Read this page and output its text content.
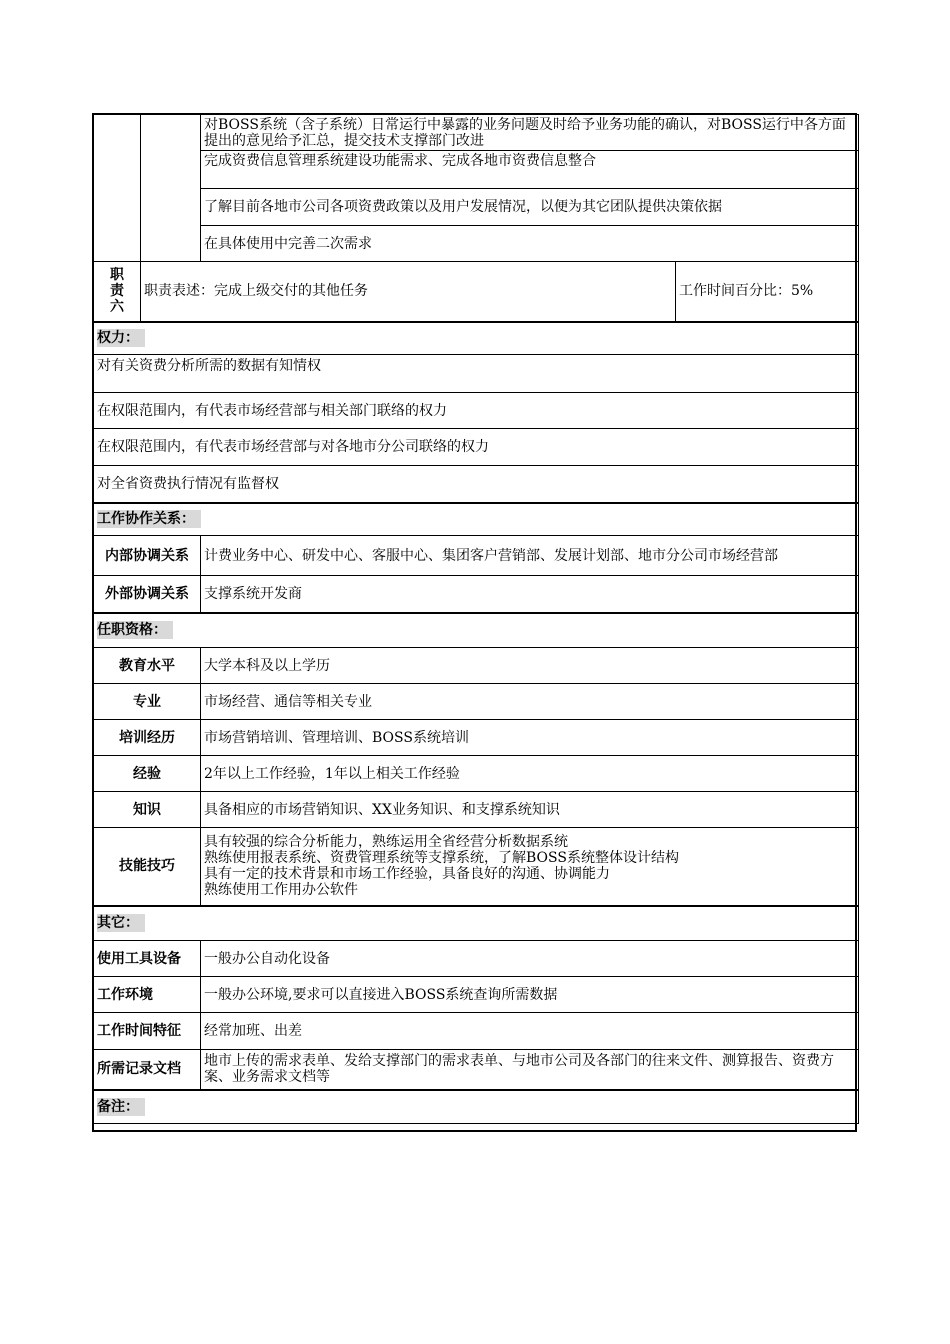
		对BOSS系统（含子系统）日常运行中暴露的业务问题及时给予业务功能的确认，对BOSS运行中各方面提出的意见给予汇总，提交技术支撑部门改进	
		完成资费信息管理系统建设功能需求、完成各地市资费信息整合	
		了解目前各地市公司各项资费政策以及用户发展情况，以便为其它团队提供决策依据	
		在具体使用中完善二次需求	

职
责
六	职责表述：完成上级交付的其他任务		工作时间百分比：5%
权力：			
对有关资费分析所需的数据有知情权			
在权限范围内，有代表市场经营部与相关部门联络的权力			
在权限范围内，有代表市场经营部与对各地市分公司联络的权力			
对全省资费执行情况有监督权			
工作协作关系：			
内部协调关系		计费业务中心、研发中心、客服中心、集团客户营销部、发展计划部、地市分公司市场经营部	
外部协调关系		支撑系统开发商	
任职资格：			
教育水平		大学本科及以上学历	
专业		市场经营、通信等相关专业	
培训经历		市场营销培训、管理培训、BOSS系统培训	
经验		2年以上工作经验，1年以上相关工作经验	
知识		具备相应的市场营销知识、XX业务知识、和支撑系统知识	
技能技巧		具有较强的综合分析能力，熟练运用全省经营分析数据系统
熟练使用报表系统、资费管理系统等支撑系统，了解BOSS系统整体设计结构
具有一定的技术背景和市场工作经验，具备良好的沟通、协调能力
熟练使用工作用办公软件	

其它：			
使用工具设备		一般办公自动化设备	
工作环境		一般办公环境,要求可以直接进入BOSS系统查询所需数据	
工作时间特征		经常加班、出差	
所需记录文档		地市上传的需求表单、发给支撑部门的需求表单、与地市公司及各部门的往来文件、测算报告、资费方案、业务需求文档等	
备注：			
